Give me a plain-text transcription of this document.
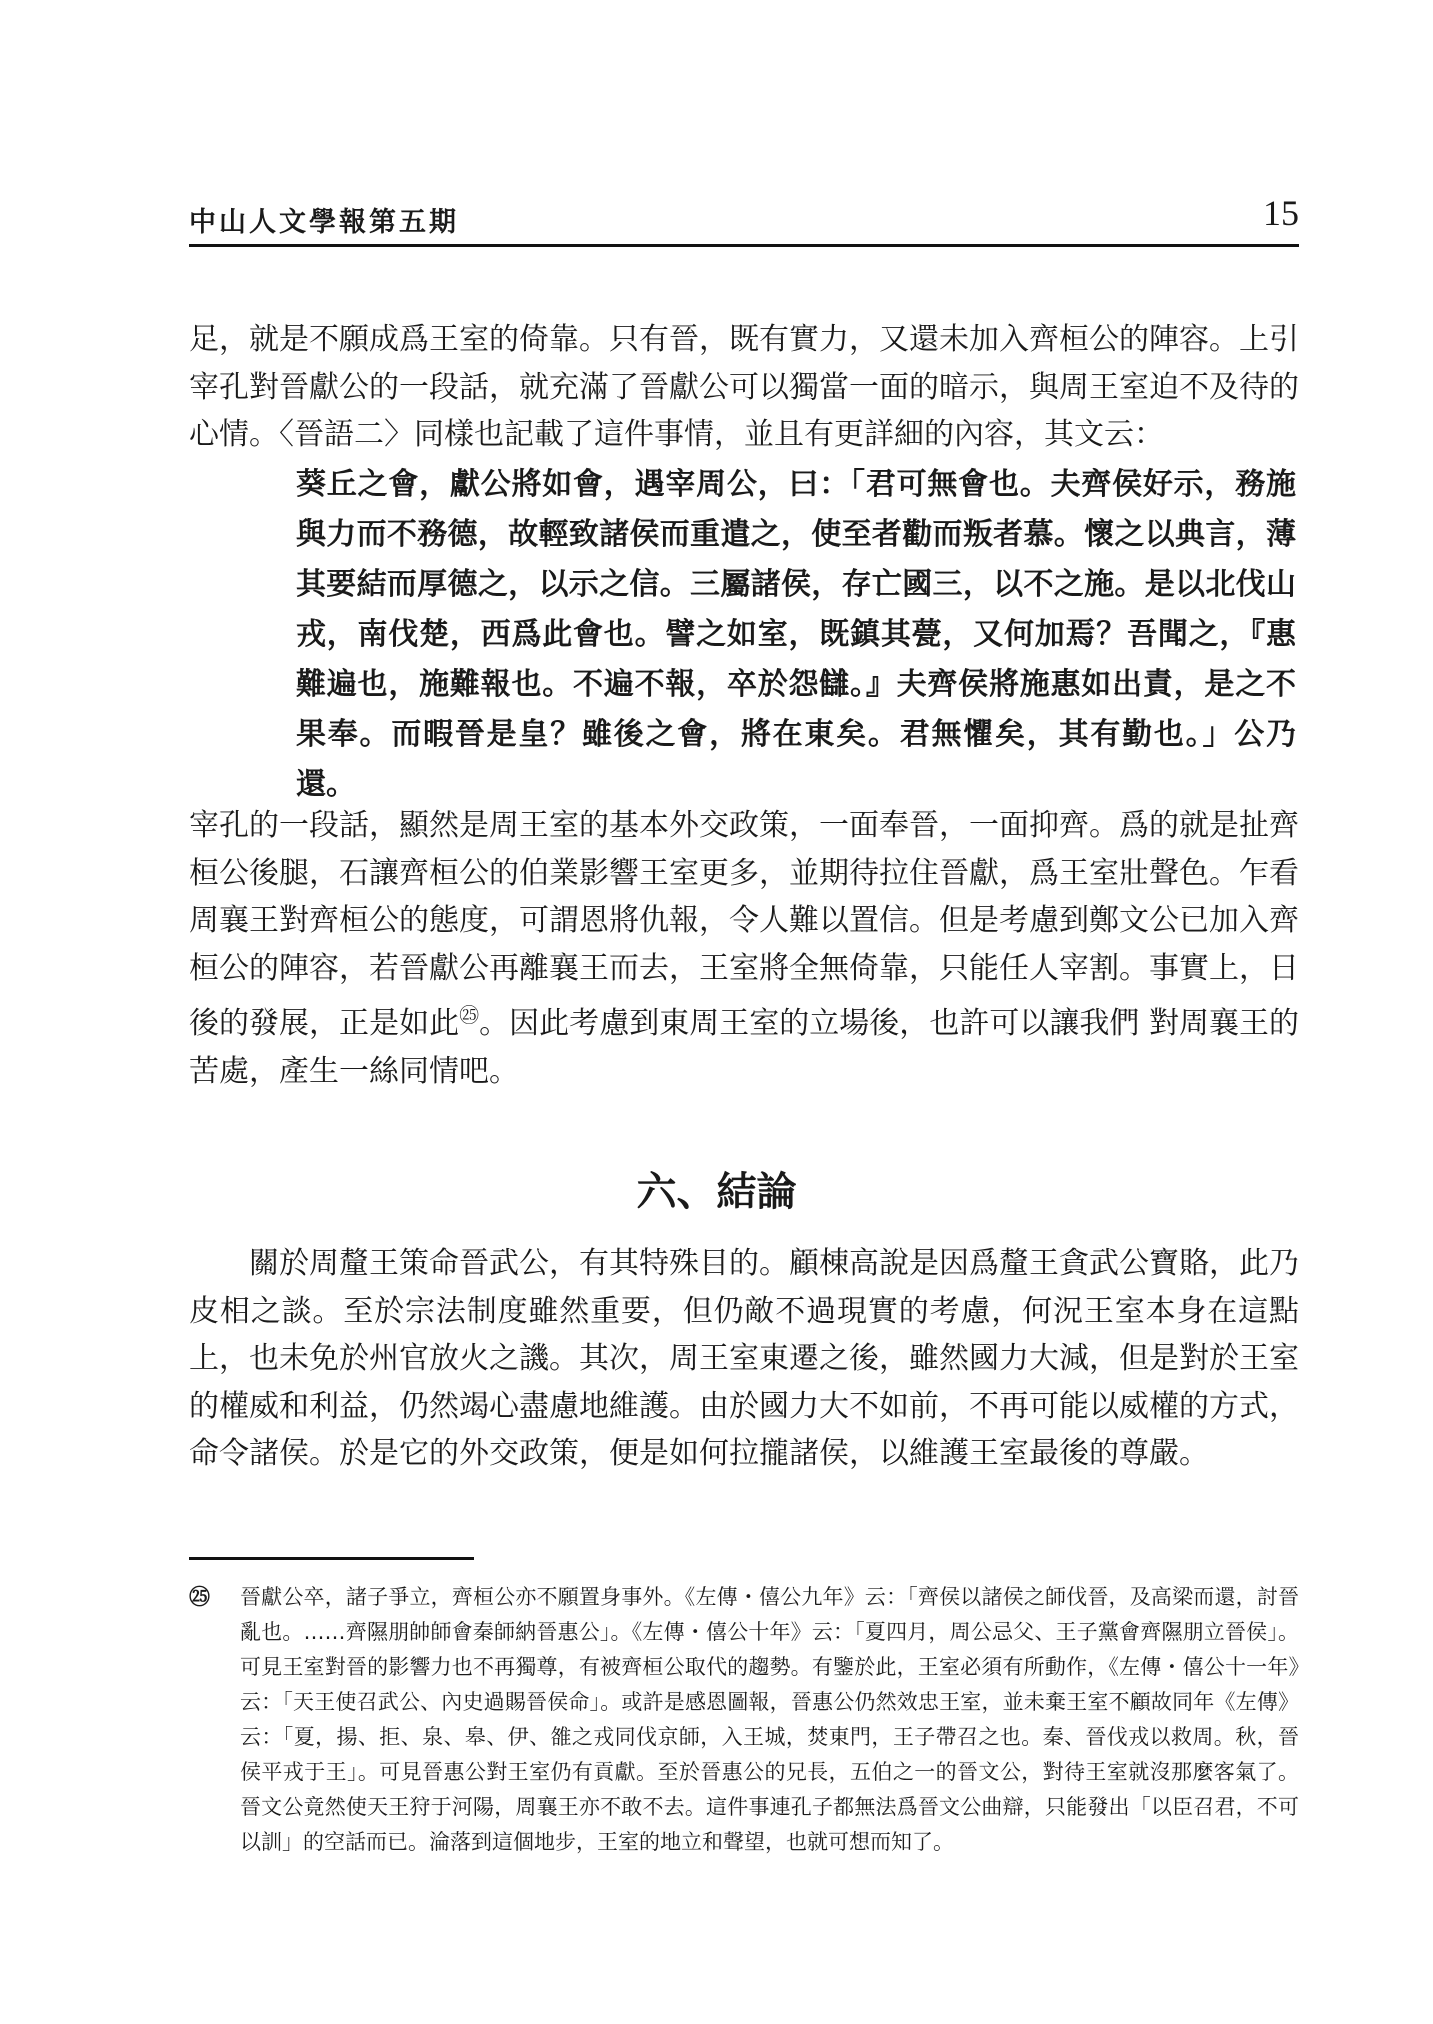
中山人文學報第五期	15

足，就是不願成爲王室的倚靠。只有晉，既有實力，又還未加入齊桓公的陣容。上引宰孔對晉獻公的一段話，就充滿了晉獻公可以獨當一面的暗示，與周王室迫不及待的心情。〈晉語二〉同樣也記載了這件事情，並且有更詳細的內容，其文云：

葵丘之會，獻公將如會，遇宰周公，曰：「君可無會也。夫齊侯好示，務施與力而不務德，故輕致諸侯而重遣之，使至者勸而叛者慕。懷之以典言，薄其要結而厚德之，以示之信。三屬諸侯，存亡國三，以不之施。是以北伐山戎，南伐楚，西爲此會也。譬之如室，既鎮其甍，又何加焉？吾聞之，『惠難遍也，施難報也。不遍不報，卒於怨讎。』夫齊侯將施惠如出責，是之不果奉。而暇晉是皇？雖後之會，將在東矣。君無懼矣，其有勤也。」公乃還。

宰孔的一段話，顯然是周王室的基本外交政策，一面奉晉，一面抑齊。爲的就是扯齊桓公後腿，石讓齊桓公的伯業影響王室更多，並期待拉住晉獻，爲王室壯聲色。乍看周襄王對齊桓公的態度，可謂恩將仇報，令人難以置信。但是考慮到鄭文公已加入齊桓公的陣容，若晉獻公再離襄王而去，王室將全無倚靠，只能任人宰割。事實上，日後的發展，正是如此$^㉕$。因此考慮到東周王室的立場後，也許可以讓我們 對周襄王的苦處，產生一絲同情吧。

六、結論

關於周釐王策命晉武公，有其特殊目的。顧棟高說是因爲釐王貪武公寶賂，此乃皮相之談。至於宗法制度雖然重要，但仍敵不過現實的考慮，何況王室本身在這點上，也未免於州官放火之譏。其次，周王室東遷之後，雖然國力大減，但是對於王室的權威和利益，仍然竭心盡慮地維護。由於國力大不如前，不再可能以威權的方式，命令諸侯。於是它的外交政策，便是如何拉攏諸侯，以維護王室最後的尊嚴。

㉕	晉獻公卒，諸子爭立，齊桓公亦不願置身事外。《左傳・僖公九年》云：「齊侯以諸侯之師伐晉，及高梁而還，討晉亂也。……齊隰朋帥師會秦師納晉惠公」。《左傳・僖公十年》云：「夏四月，周公忌父、王子黨會齊隰朋立晉侯」。可見王室對晉的影響力也不再獨尊，有被齊桓公取代的趨勢。有鑒於此，王室必須有所動作，《左傳・僖公十一年》云：「天王使召武公、內史過賜晉侯命」。或許是感恩圖報，晉惠公仍然效忠王室，並未棄王室不顧故同年《左傳》云：「夏，揚、拒、泉、皋、伊、雒之戎同伐京師，入王城，焚東門，王子帶召之也。秦、晉伐戎以救周。秋，晉侯平戎于王」。可見晉惠公對王室仍有貢獻。至於晉惠公的兄長，五伯之一的晉文公，對待王室就沒那麼客氣了。晉文公竟然使天王狩于河陽，周襄王亦不敢不去。這件事連孔子都無法爲晉文公曲辯，只能發出「以臣召君，不可以訓」的空話而已。淪落到這個地步，王室的地立和聲望，也就可想而知了。
